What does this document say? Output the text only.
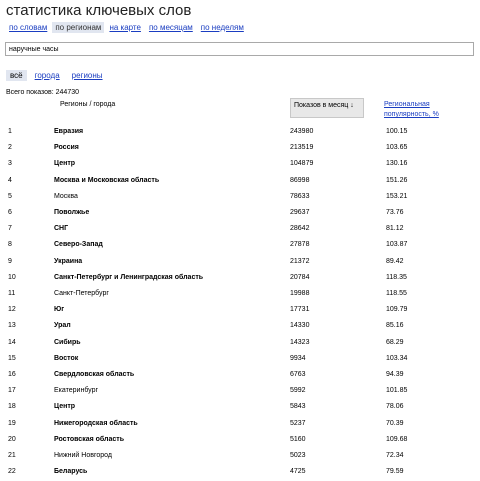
статистика ключевых слов
по словам	по регионам	на карте	по месяцам	по неделям
наручные часы
всё	города	регионы
Всего показов: 244730
Регионы / города	Показов в месяц ↓	Региональная популярность, %
1	Евразия	243980	100.15
2	Россия	213519	103.65
3	Центр	104879	130.16
4	Москва и Московская область	86998	151.26
5	Москва	78633	153.21
6	Поволжье	29637	73.76
7	СНГ	28642	81.12
8	Северо-Запад	27878	103.87
9	Украина	21372	89.42
10	Санкт-Петербург и Ленинградская область	20784	118.35
11	Санкт-Петербург	19988	118.55
12	Юг	17731	109.79
13	Урал	14330	85.16
14	Сибирь	14323	68.29
15	Восток	9934	103.34
16	Свердловская область	6763	94.39
17	Екатеринбург	5992	101.85
18	Центр	5843	78.06
19	Нижегородская область	5237	70.39
20	Ростовская область	5160	109.68
21	Нижний Новгород	5023	72.34
22	Беларусь	4725	79.59
